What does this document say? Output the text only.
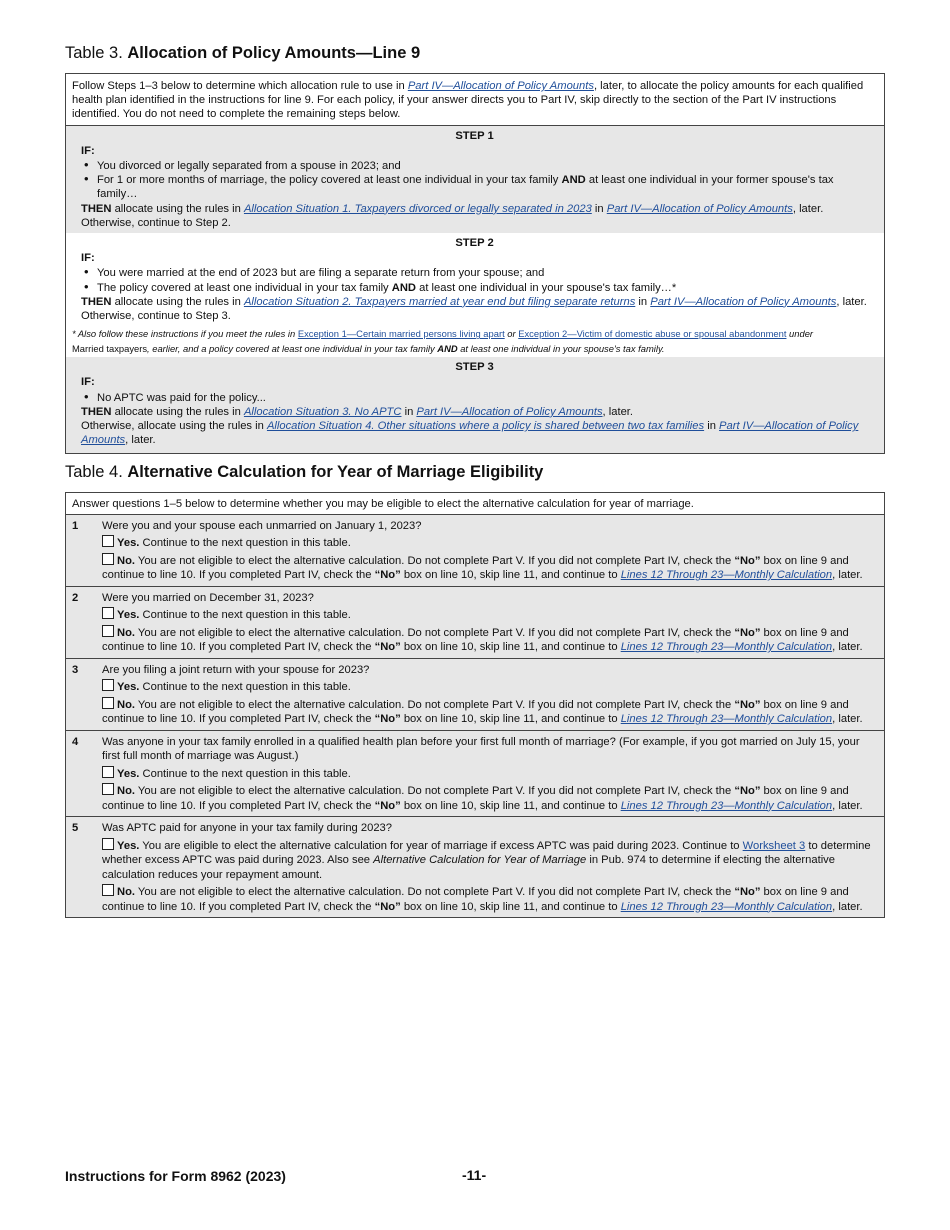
Table 3. Allocation of Policy Amounts—Line 9
Follow Steps 1–3 below to determine which allocation rule to use in Part IV—Allocation of Policy Amounts, later, to allocate the policy amounts for each qualified health plan identified in the instructions for line 9. For each policy, if your answer directs you to Part IV, skip directly to the section of the Part IV instructions identified. You do not need to complete the remaining steps below.
STEP 1
IF:
• You divorced or legally separated from a spouse in 2023; and
• For 1 or more months of marriage, the policy covered at least one individual in your tax family AND at least one individual in your former spouse's tax family…
THEN allocate using the rules in Allocation Situation 1. Taxpayers divorced or legally separated in 2023 in Part IV—Allocation of Policy Amounts, later.
Otherwise, continue to Step 2.
STEP 2
IF:
• You were married at the end of 2023 but are filing a separate return from your spouse; and
• The policy covered at least one individual in your tax family AND at least one individual in your spouse's tax family…*
THEN allocate using the rules in Allocation Situation 2. Taxpayers married at year end but filing separate returns in Part IV—Allocation of Policy Amounts, later.
Otherwise, continue to Step 3.
* Also follow these instructions if you meet the rules in Exception 1—Certain married persons living apart or Exception 2—Victim of domestic abuse or spousal abandonment under
Married taxpayers, earlier, and a policy covered at least one individual in your tax family AND at least one individual in your spouse's tax family.
STEP 3
IF:
• No APTC was paid for the policy...
THEN allocate using the rules in Allocation Situation 3. No APTC in Part IV—Allocation of Policy Amounts, later.
Otherwise, allocate using the rules in Allocation Situation 4. Other situations where a policy is shared between two tax families in Part IV—Allocation of Policy
Amounts, later.
Table 4. Alternative Calculation for Year of Marriage Eligibility
Answer questions 1–5 below to determine whether you may be eligible to elect the alternative calculation for year of marriage.
1	Were you and your spouse each unmarried on January 1, 2023?
Yes. Continue to the next question in this table.
No. You are not eligible to elect the alternative calculation. Do not complete Part V. If you did not complete Part IV, check the “No” box on line 9 and continue to line 10. If you completed Part IV, check the “No” box on line 10, skip line 11, and continue to Lines 12 Through 23—Monthly Calculation, later.
2	Were you married on December 31, 2023?
Yes. Continue to the next question in this table.
No. You are not eligible to elect the alternative calculation. Do not complete Part V. If you did not complete Part IV, check the “No” box on line 9 and continue to line 10. If you completed Part IV, check the “No” box on line 10, skip line 11, and continue to Lines 12 Through 23—Monthly Calculation, later.
3	Are you filing a joint return with your spouse for 2023?
Yes. Continue to the next question in this table.
No. You are not eligible to elect the alternative calculation. Do not complete Part V. If you did not complete Part IV, check the “No” box on line 9 and continue to line 10. If you completed Part IV, check the “No” box on line 10, skip line 11, and continue to Lines 12 Through 23—Monthly Calculation, later.
4	Was anyone in your tax family enrolled in a qualified health plan before your first full month of marriage? (For example, if you got married on July 15, your first full month of marriage was August.)
Yes. Continue to the next question in this table.
No. You are not eligible to elect the alternative calculation. Do not complete Part V. If you did not complete Part IV, check the “No” box on line 9 and continue to line 10. If you completed Part IV, check the “No” box on line 10, skip line 11, and continue to Lines 12 Through 23—Monthly Calculation, later.
5	Was APTC paid for anyone in your tax family during 2023?
Yes. You are eligible to elect the alternative calculation for year of marriage if excess APTC was paid during 2023. Continue to Worksheet 3 to determine whether excess APTC was paid during 2023. Also see Alternative Calculation for Year of Marriage in Pub. 974 to determine if electing the alternative calculation reduces your repayment amount.
No. You are not eligible to elect the alternative calculation. Do not complete Part V. If you did not complete Part IV, check the “No” box on line 9 and continue to line 10. If you completed Part IV, check the “No” box on line 10, skip line 11, and continue to Lines 12 Through 23—Monthly Calculation, later.
Instructions for Form 8962 (2023)	-11-
